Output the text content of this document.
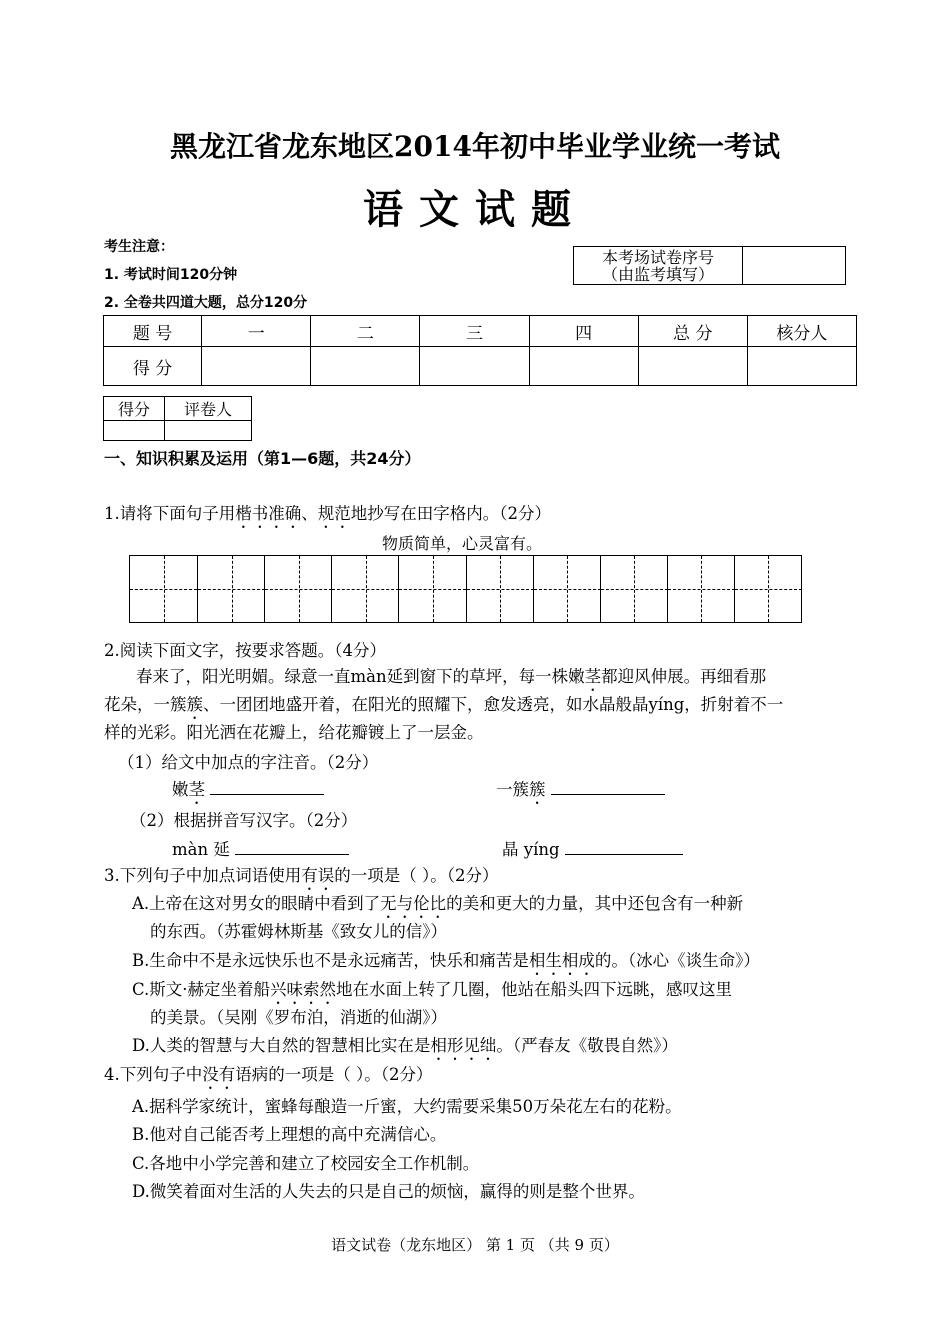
黑龙江省龙东地区2014年初中毕业学业统一考试
语文试题
考生注意：
1. 考试时间120分钟
2. 全卷共四道大题，总分120分
本考场试卷序号
（由监考填写）

题 号	一	二	三	四	总 分	核分人
得 分						
得分	评卷人

一、知识积累及运用（第1—6题，共24分）
1.请将下面句子用楷书准确、规范地抄写在田字格内。（2分）
物质简单，心灵富有。
2.阅读下面文字，按要求答题。（4分）
春来了，阳光明媚。绿意一直màn延到窗下的草坪，每一株嫩茎都迎风伸展。再细看那
花朵，一簇簇、一团团地盛开着，在阳光的照耀下，愈发透亮，如水晶般晶yíng，折射着不一
样的光彩。阳光洒在花瓣上，给花瓣镀上了一层金。
（1）给文中加点的字注音。（2分）
嫩茎	一簇簇
（2）根据拼音写汉字。（2分）
màn 延	晶 yíng
3.下列句子中加点词语使用有误的一项是（ ）。（2分）
A.上帝在这对男女的眼睛中看到了无与伦比的美和更大的力量，其中还包含有一种新
的东西。（苏霍姆林斯基《致女儿的信》）
B.生命中不是永远快乐也不是永远痛苦，快乐和痛苦是相生相成的。（冰心《谈生命》）
C.斯文·赫定坐着船兴味索然地在水面上转了几圈，他站在船头四下远眺，感叹这里
的美景。（吴刚《罗布泊，消逝的仙湖》）
D.人类的智慧与大自然的智慧相比实在是相形见绌。（严春友《敬畏自然》）
4.下列句子中没有语病的一项是（ ）。（2分）
A.据科学家统计，蜜蜂每酿造一斤蜜，大约需要采集50万朵花左右的花粉。
B.他对自己能否考上理想的高中充满信心。
C.各地中小学完善和建立了校园安全工作机制。
D.微笑着面对生活的人失去的只是自己的烦恼，赢得的则是整个世界。
语文试卷（龙东地区） 第 1 页 （共 9 页）
